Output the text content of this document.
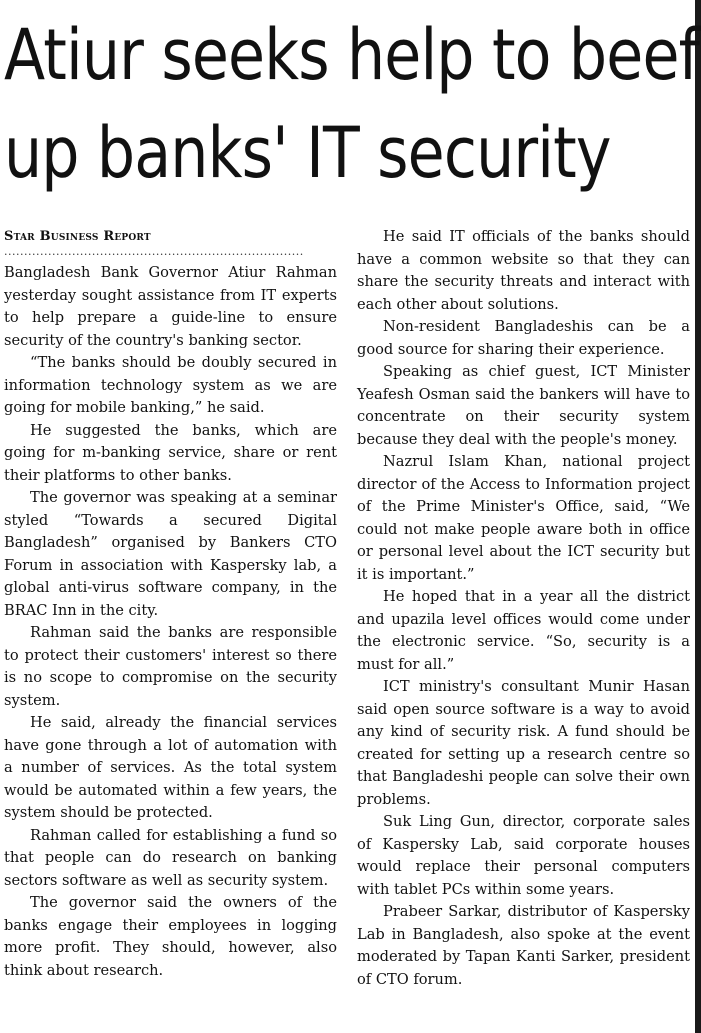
Atiur seeks help to beef
up banks' IT security

Star Business Report

...........................................................................

Bangladesh Bank Governor Atiur Rahman yesterday sought assistance from IT experts to help prepare a guide-line to ensure security of the country's banking sector.

“The banks should be doubly secured in information technology system as we are going for mobile banking,” he said.

He suggested the banks, which are going for m-banking service, share or rent their platforms to other banks.

The governor was speaking at a seminar styled “Towards a secured Digital Bangladesh” organised by Bankers CTO Forum in association with Kaspersky lab, a global anti-virus software company, in the BRAC Inn in the city.

Rahman said the banks are responsible to protect their customers' interest so there is no scope to compromise on the security system.

He said, already the financial services have gone through a lot of automation with a number of services. As the total system would be automated within a few years, the system should be protected.

Rahman called for establishing a fund so that people can do research on banking sectors software as well as security system.

The governor said the owners of the banks engage their employees in logging more profit. They should, however, also think about research.

He said IT officials of the banks should have a common website so that they can share the security threats and interact with each other about solutions.

Non-resident Bangladeshis can be a good source for sharing their experience.

Speaking as chief guest, ICT Minister Yeafesh Osman said the bankers will have to concentrate on their security system because they deal with the people's money.

Nazrul Islam Khan, national project director of the Access to Information project of the Prime Minister's Office, said, “We could not make people aware both in office or personal level about the ICT security but it is important.”

He hoped that in a year all the district and upazila level offices would come under the electronic service. “So, security is a must for all.”

ICT ministry's consultant Munir Hasan said open source software is a way to avoid any kind of security risk. A fund should be created for setting up a research centre so that Bangladeshi people can solve their own problems.

Suk Ling Gun, director, corporate sales of Kaspersky Lab, said corporate houses would replace their personal computers with tablet PCs within some years.

Prabeer Sarkar, distributor of Kaspersky Lab in Bangladesh, also spoke at the event moderated by Tapan Kanti Sarker, president of CTO forum.
